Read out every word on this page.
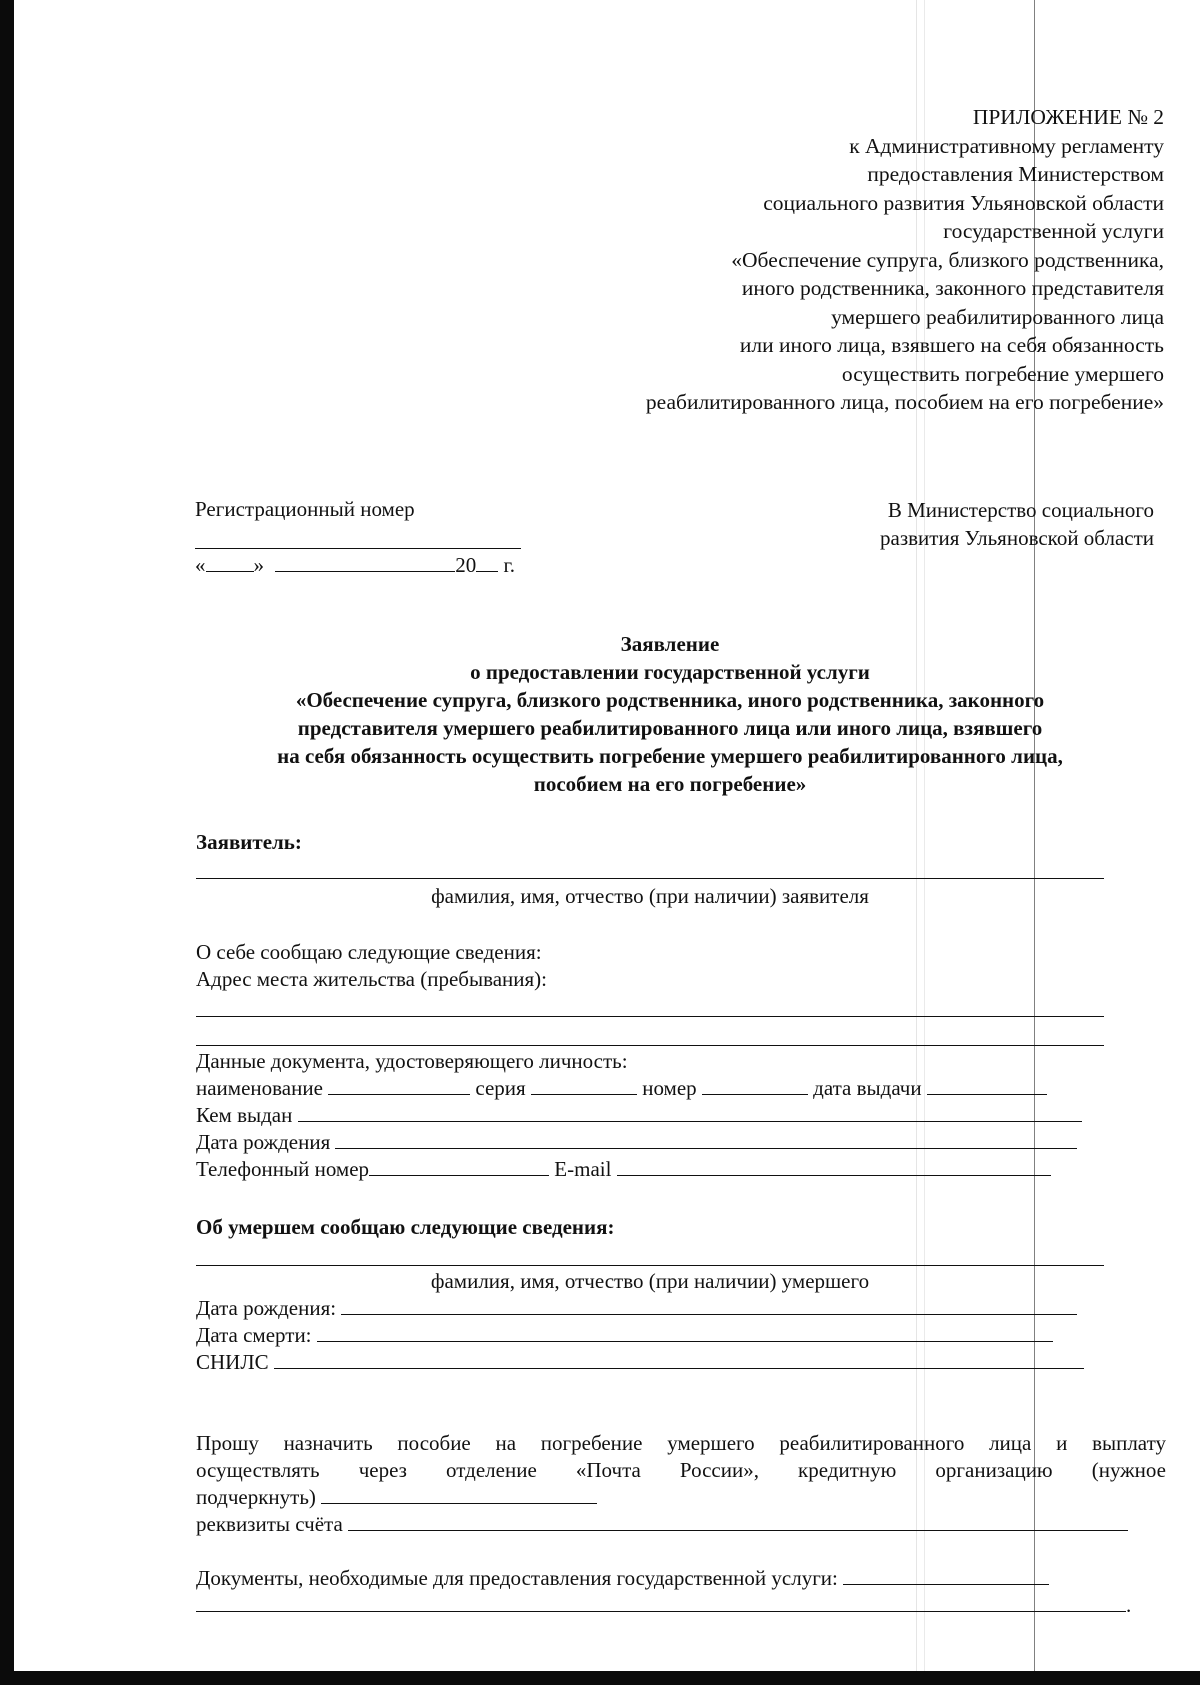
ПРИЛОЖЕНИЕ № 2
к Административному регламенту
предоставления Министерством
социального развития Ульяновской области
государственной услуги
«Обеспечение супруга, близкого родственника,
иного родственника, законного представителя
умершего реабилитированного лица
или иного лица, взявшего на себя обязанность
осуществить погребение умершего
реабилитированного лица, пособием на его погребение»
Регистрационный номер
« »	20 г.
В Министерство социального
развития Ульяновской области
Заявление
о предоставлении государственной услуги
«Обеспечение супруга, близкого родственника, иного родственника, законного
представителя умершего реабилитированного лица или иного лица, взявшего
на себя обязанность осуществить погребение умершего реабилитированного лица,
пособием на его погребение»
Заявитель:
фамилия, имя, отчество (при наличии) заявителя
О себе сообщаю следующие сведения:
Адрес места жительства (пребывания):
Данные документа, удостоверяющего личность:
наименование	серия	номер	дата выдачи
Кем выдан
Дата рождения
Телефонный номер	E-mail
Об умершем сообщаю следующие сведения:
фамилия, имя, отчество (при наличии) умершего
Дата рождения:
Дата смерти:
СНИЛС
Прошу назначить пособие на погребение умершего реабилитированного лица и выплату
осуществлять через отделение «Почта России», кредитную организацию (нужное
подчеркнуть)
реквизиты счёта
Документы, необходимые для предоставления государственной услуги:
.
